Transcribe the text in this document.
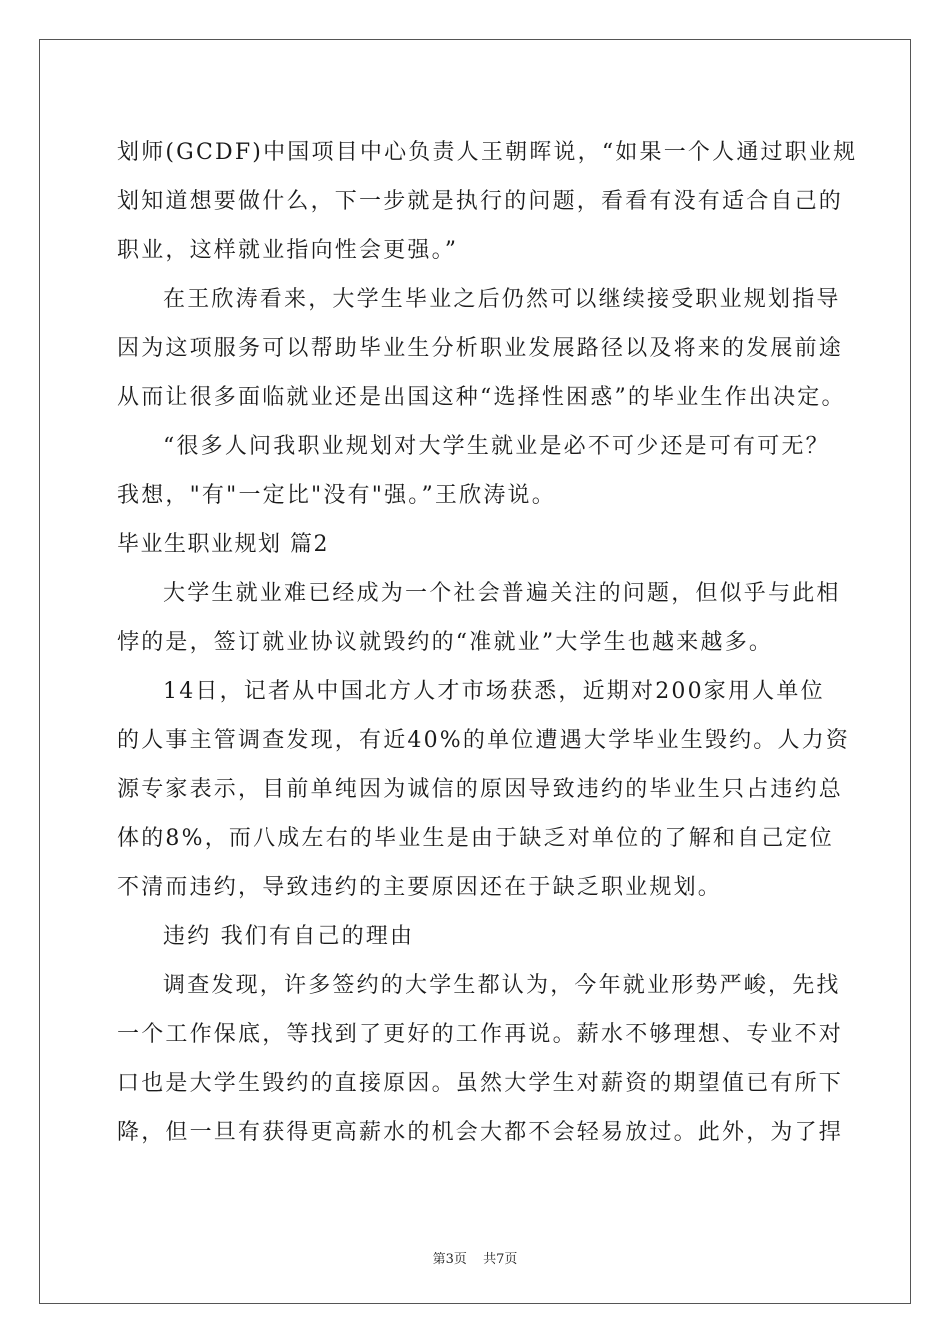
划师(GCDF)中国项目中心负责人王朝晖说，“如果一个人通过职业规
划知道想要做什么，下一步就是执行的问题，看看有没有适合自己的
职业，这样就业指向性会更强。”
在王欣涛看来，大学生毕业之后仍然可以继续接受职业规划指导
因为这项服务可以帮助毕业生分析职业发展路径以及将来的发展前途
从而让很多面临就业还是出国这种“选择性困惑”的毕业生作出决定。
“很多人问我职业规划对大学生就业是必不可少还是可有可无？
我想，"有"一定比"没有"强。”王欣涛说。
毕业生职业规划 篇2
大学生就业难已经成为一个社会普遍关注的问题，但似乎与此相
悖的是，签订就业协议就毁约的“准就业”大学生也越来越多。
14日，记者从中国北方人才市场获悉，近期对200家用人单位
的人事主管调查发现，有近40%的单位遭遇大学毕业生毁约。人力资
源专家表示，目前单纯因为诚信的原因导致违约的毕业生只占违约总
体的8%，而八成左右的毕业生是由于缺乏对单位的了解和自己定位
不清而违约，导致违约的主要原因还在于缺乏职业规划。
违约 我们有自己的理由
调查发现，许多签约的大学生都认为，今年就业形势严峻，先找
一个工作保底，等找到了更好的工作再说。薪水不够理想、专业不对
口也是大学生毁约的直接原因。虽然大学生对薪资的期望值已有所下
降，但一旦有获得更高薪水的机会大都不会轻易放过。此外，为了捍
第3页 共7页
